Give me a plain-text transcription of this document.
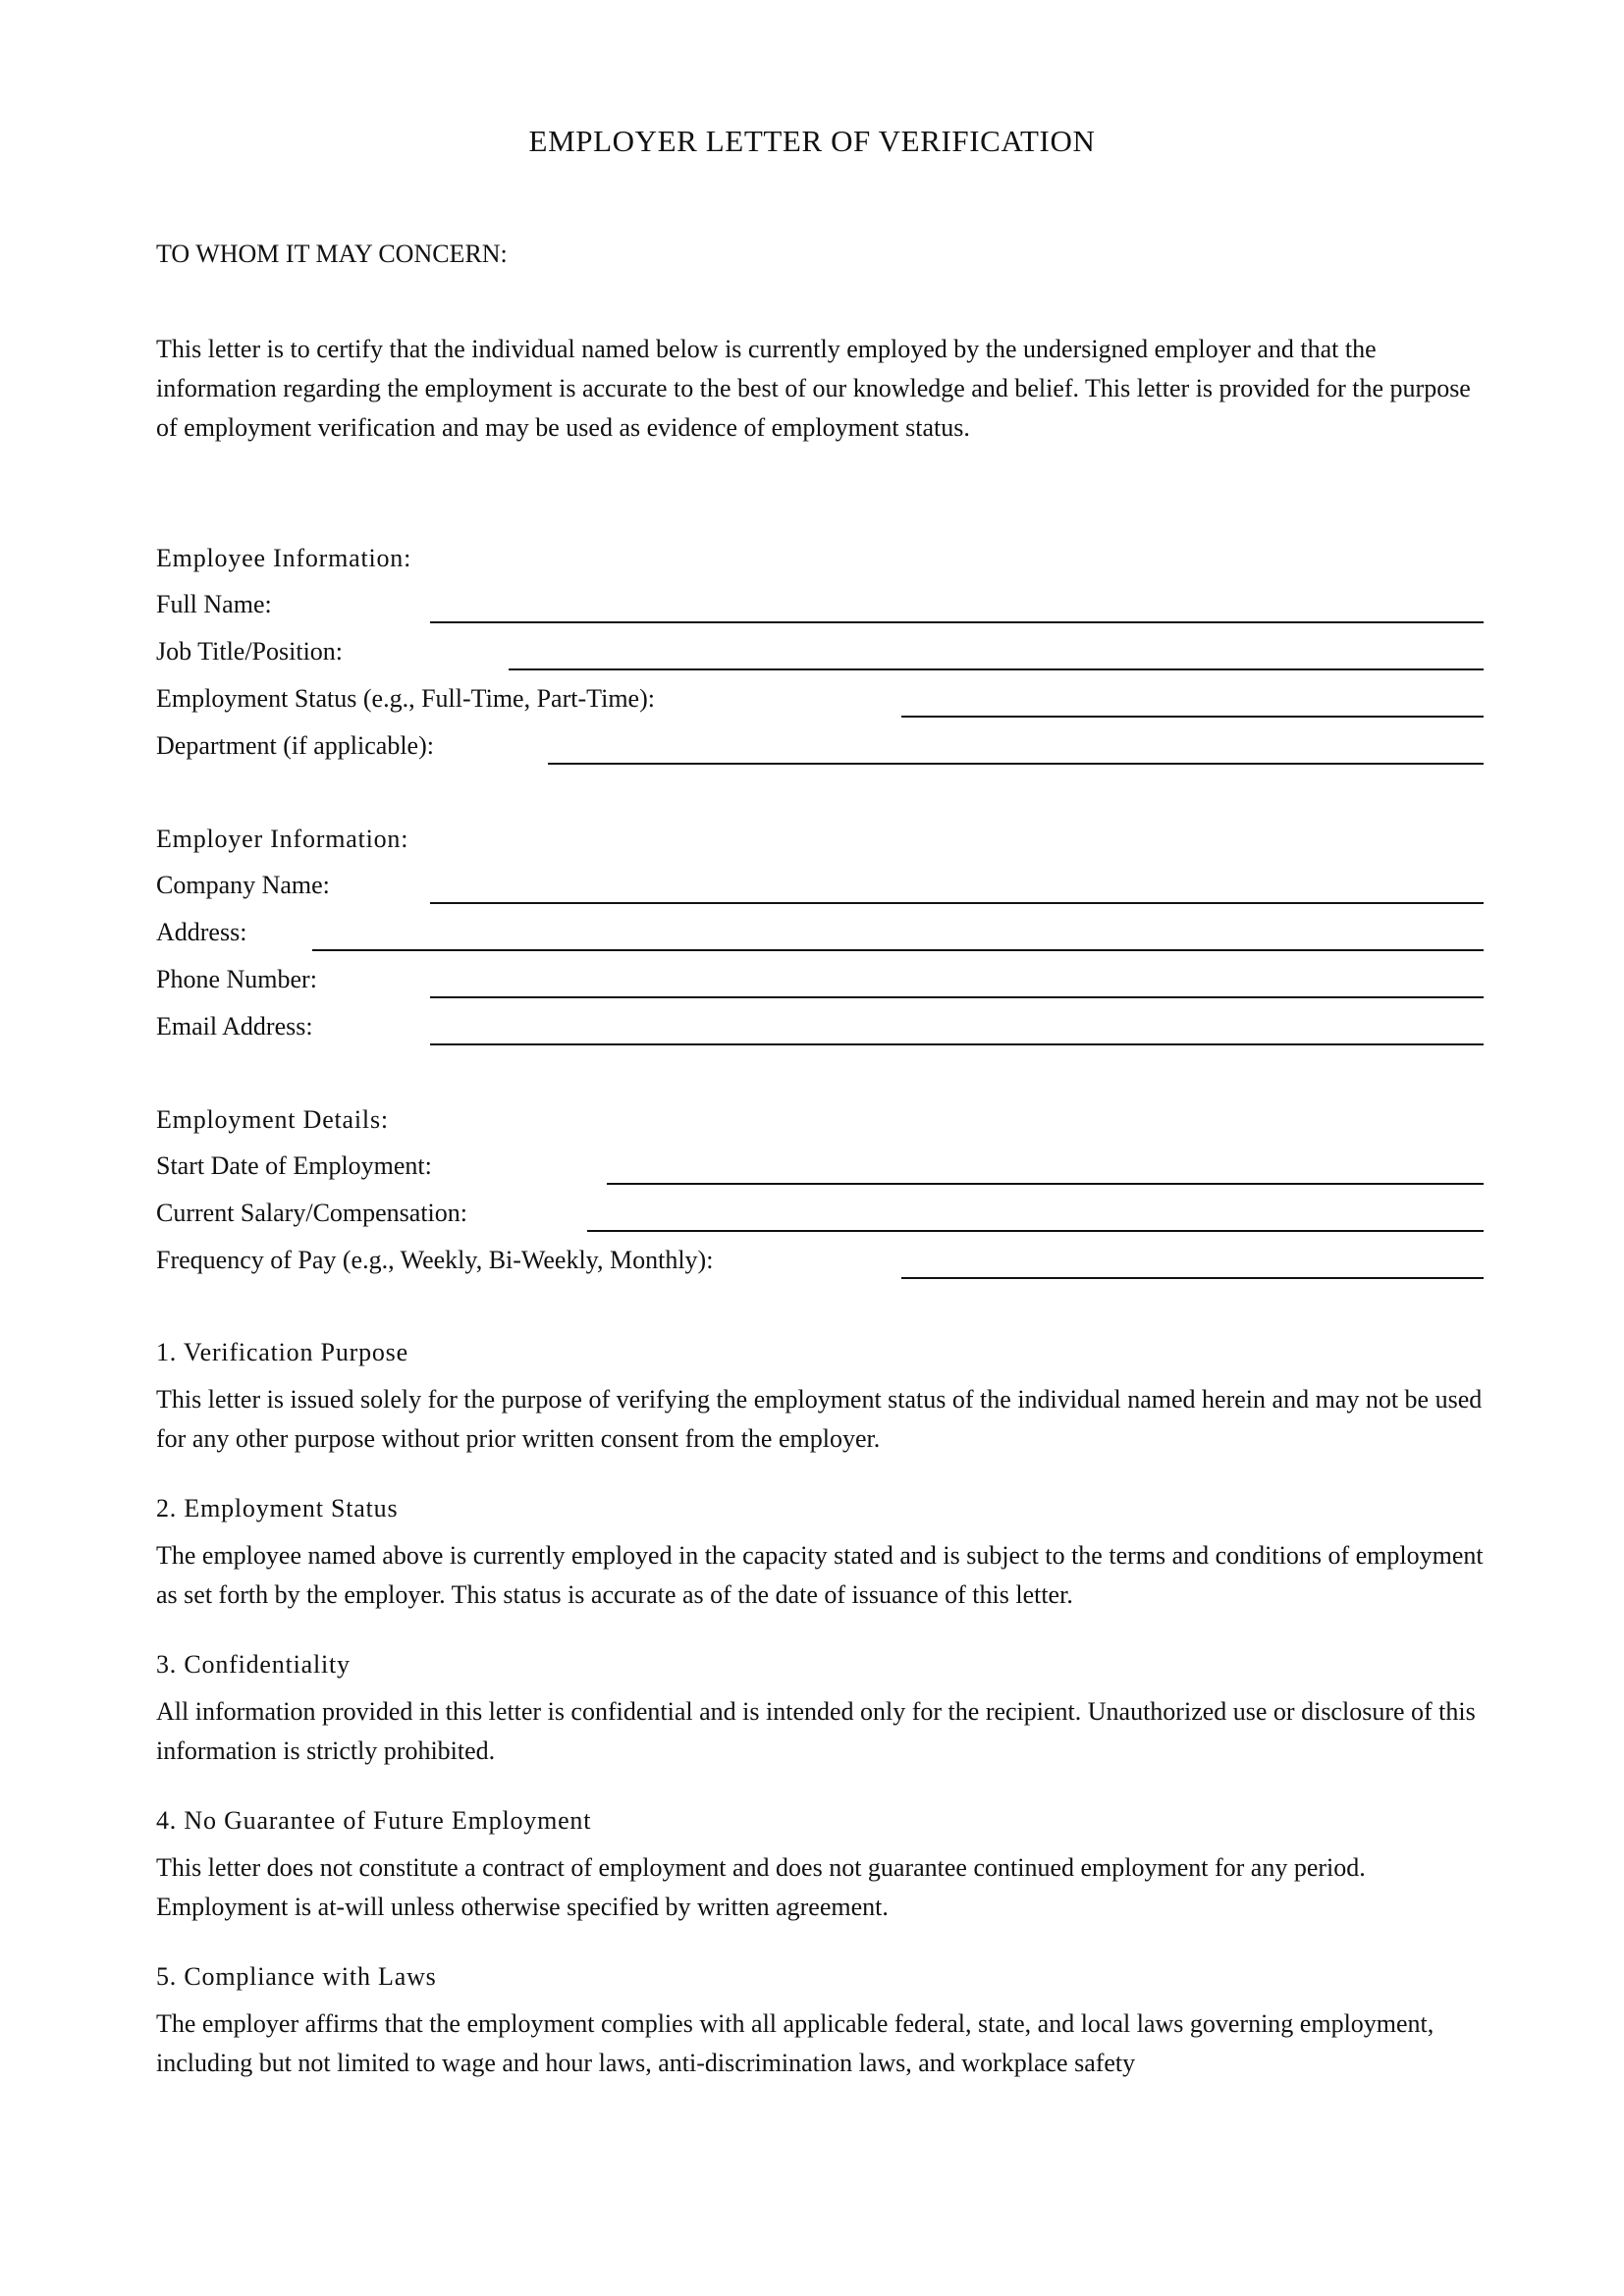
EMPLOYER LETTER OF VERIFICATION

TO WHOM IT MAY CONCERN:

This letter is to certify that the individual named below is currently employed by the undersigned employer and that the information regarding the employment is accurate to the best of our knowledge and belief. This letter is provided for the purpose of employment verification and may be used as evidence of employment status.

Employee Information:
Full Name:
Job Title/Position:
Employment Status (e.g., Full-Time, Part-Time):
Department (if applicable):
Employer Information:
Company Name:
Address:
Phone Number:
Email Address:
Employment Details:
Start Date of Employment:
Current Salary/Compensation:
Frequency of Pay (e.g., Weekly, Bi-Weekly, Monthly):
1. Verification Purpose

This letter is issued solely for the purpose of verifying the employment status of the individual named herein and may not be used for any other purpose without prior written consent from the employer.

2. Employment Status

The employee named above is currently employed in the capacity stated and is subject to the terms and conditions of employment as set forth by the employer. This status is accurate as of the date of issuance of this letter.

3. Confidentiality

All information provided in this letter is confidential and is intended only for the recipient. Unauthorized use or disclosure of this information is strictly prohibited.

4. No Guarantee of Future Employment

This letter does not constitute a contract of employment and does not guarantee continued employment for any period. Employment is at-will unless otherwise specified by written agreement.

5. Compliance with Laws

The employer affirms that the employment complies with all applicable federal, state, and local laws governing employment, including but not limited to wage and hour laws, anti-discrimination laws, and workplace safety
